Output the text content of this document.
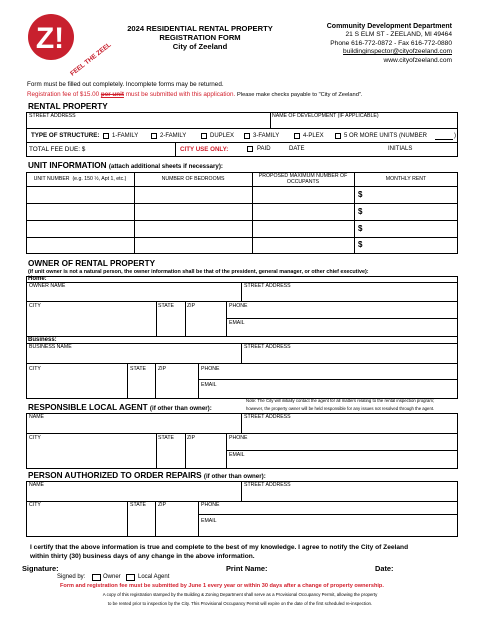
Z!
FEEL THE ZEEL
2024 RESIDENTIAL RENTAL PROPERTY
REGISTRATION FORM
City of Zeeland
Community Development Department
21 S ELM ST - ZEELAND, MI 49464
Phone 616-772-0872 - Fax 616-772-0880
buildinginspector@cityofzeeland.com
www.cityofzeeland.com
Form must be filled out completely. Incomplete forms may be returned.
Registration fee of $15.00 per unit must be submitted with this application. Please make checks payable to "City of Zeeland".
RENTAL PROPERTY
STREET ADDRESS	NAME OF DEVELOPMENT (IF APPLICABLE)
TYPE OF STRUCTURE: 1-FAMILY	2-FAMILY	DUPLEX	3-FAMILY	4-PLEX	5 OR MORE UNITS (NUMBER	)
TOTAL FEE DUE: $	CITY USE ONLY:	PAID	DATE	INITIALS
UNIT INFORMATION (attach additional sheets if necessary):
UNIT NUMBER (e.g. 150 ½, Apt 1, etc.)	NUMBER OF BEDROOMS	PROPOSED MAXIMUM NUMBER OF OCCUPANTS	MONTHLY RENT
$
$
$
$
OWNER OF RENTAL PROPERTY
(if unit owner is not a natural person, the owner information shall be that of the president, general manager, or other chief executive):
Home:
OWNER NAME	STREET ADDRESS
CITY	STATE	ZIP	PHONE
EMAIL
Business:
BUSINESS NAME	STREET ADDRESS
CITY	STATE ZIP	PHONE
EMAIL
RESPONSIBLE LOCAL AGENT (if other than owner):
Note: The City will initially contact the agent for all matters relating to the rental inspection program;
however, the property owner will be held responsible for any issues not resolved through the agent.
NAME	STREET ADDRESS
CITY	STATE	ZIP	PHONE
EMAIL
PERSON AUTHORIZED TO ORDER REPAIRS (if other than owner):
NAME	STREET ADDRESS
CITY	STATE ZIP	PHONE
EMAIL
I certify that the above information is true and complete to the best of my knowledge. I agree to notify the City of Zeeland
within thirty (30) business days of any change in the above information.
Signature:	Print Name:	Date:
Signed by:	Owner	Local Agent
Form and registration fee must be submitted by June 1 every year or within 30 days after a change of property ownership.
A copy of this registration stamped by the Building & Zoning Department shall serve as a Provisional Occupancy Permit, allowing the property
to be rented prior to inspection by the City. This Provisional Occupancy Permit will expire on the date of the first scheduled re-inspection.
